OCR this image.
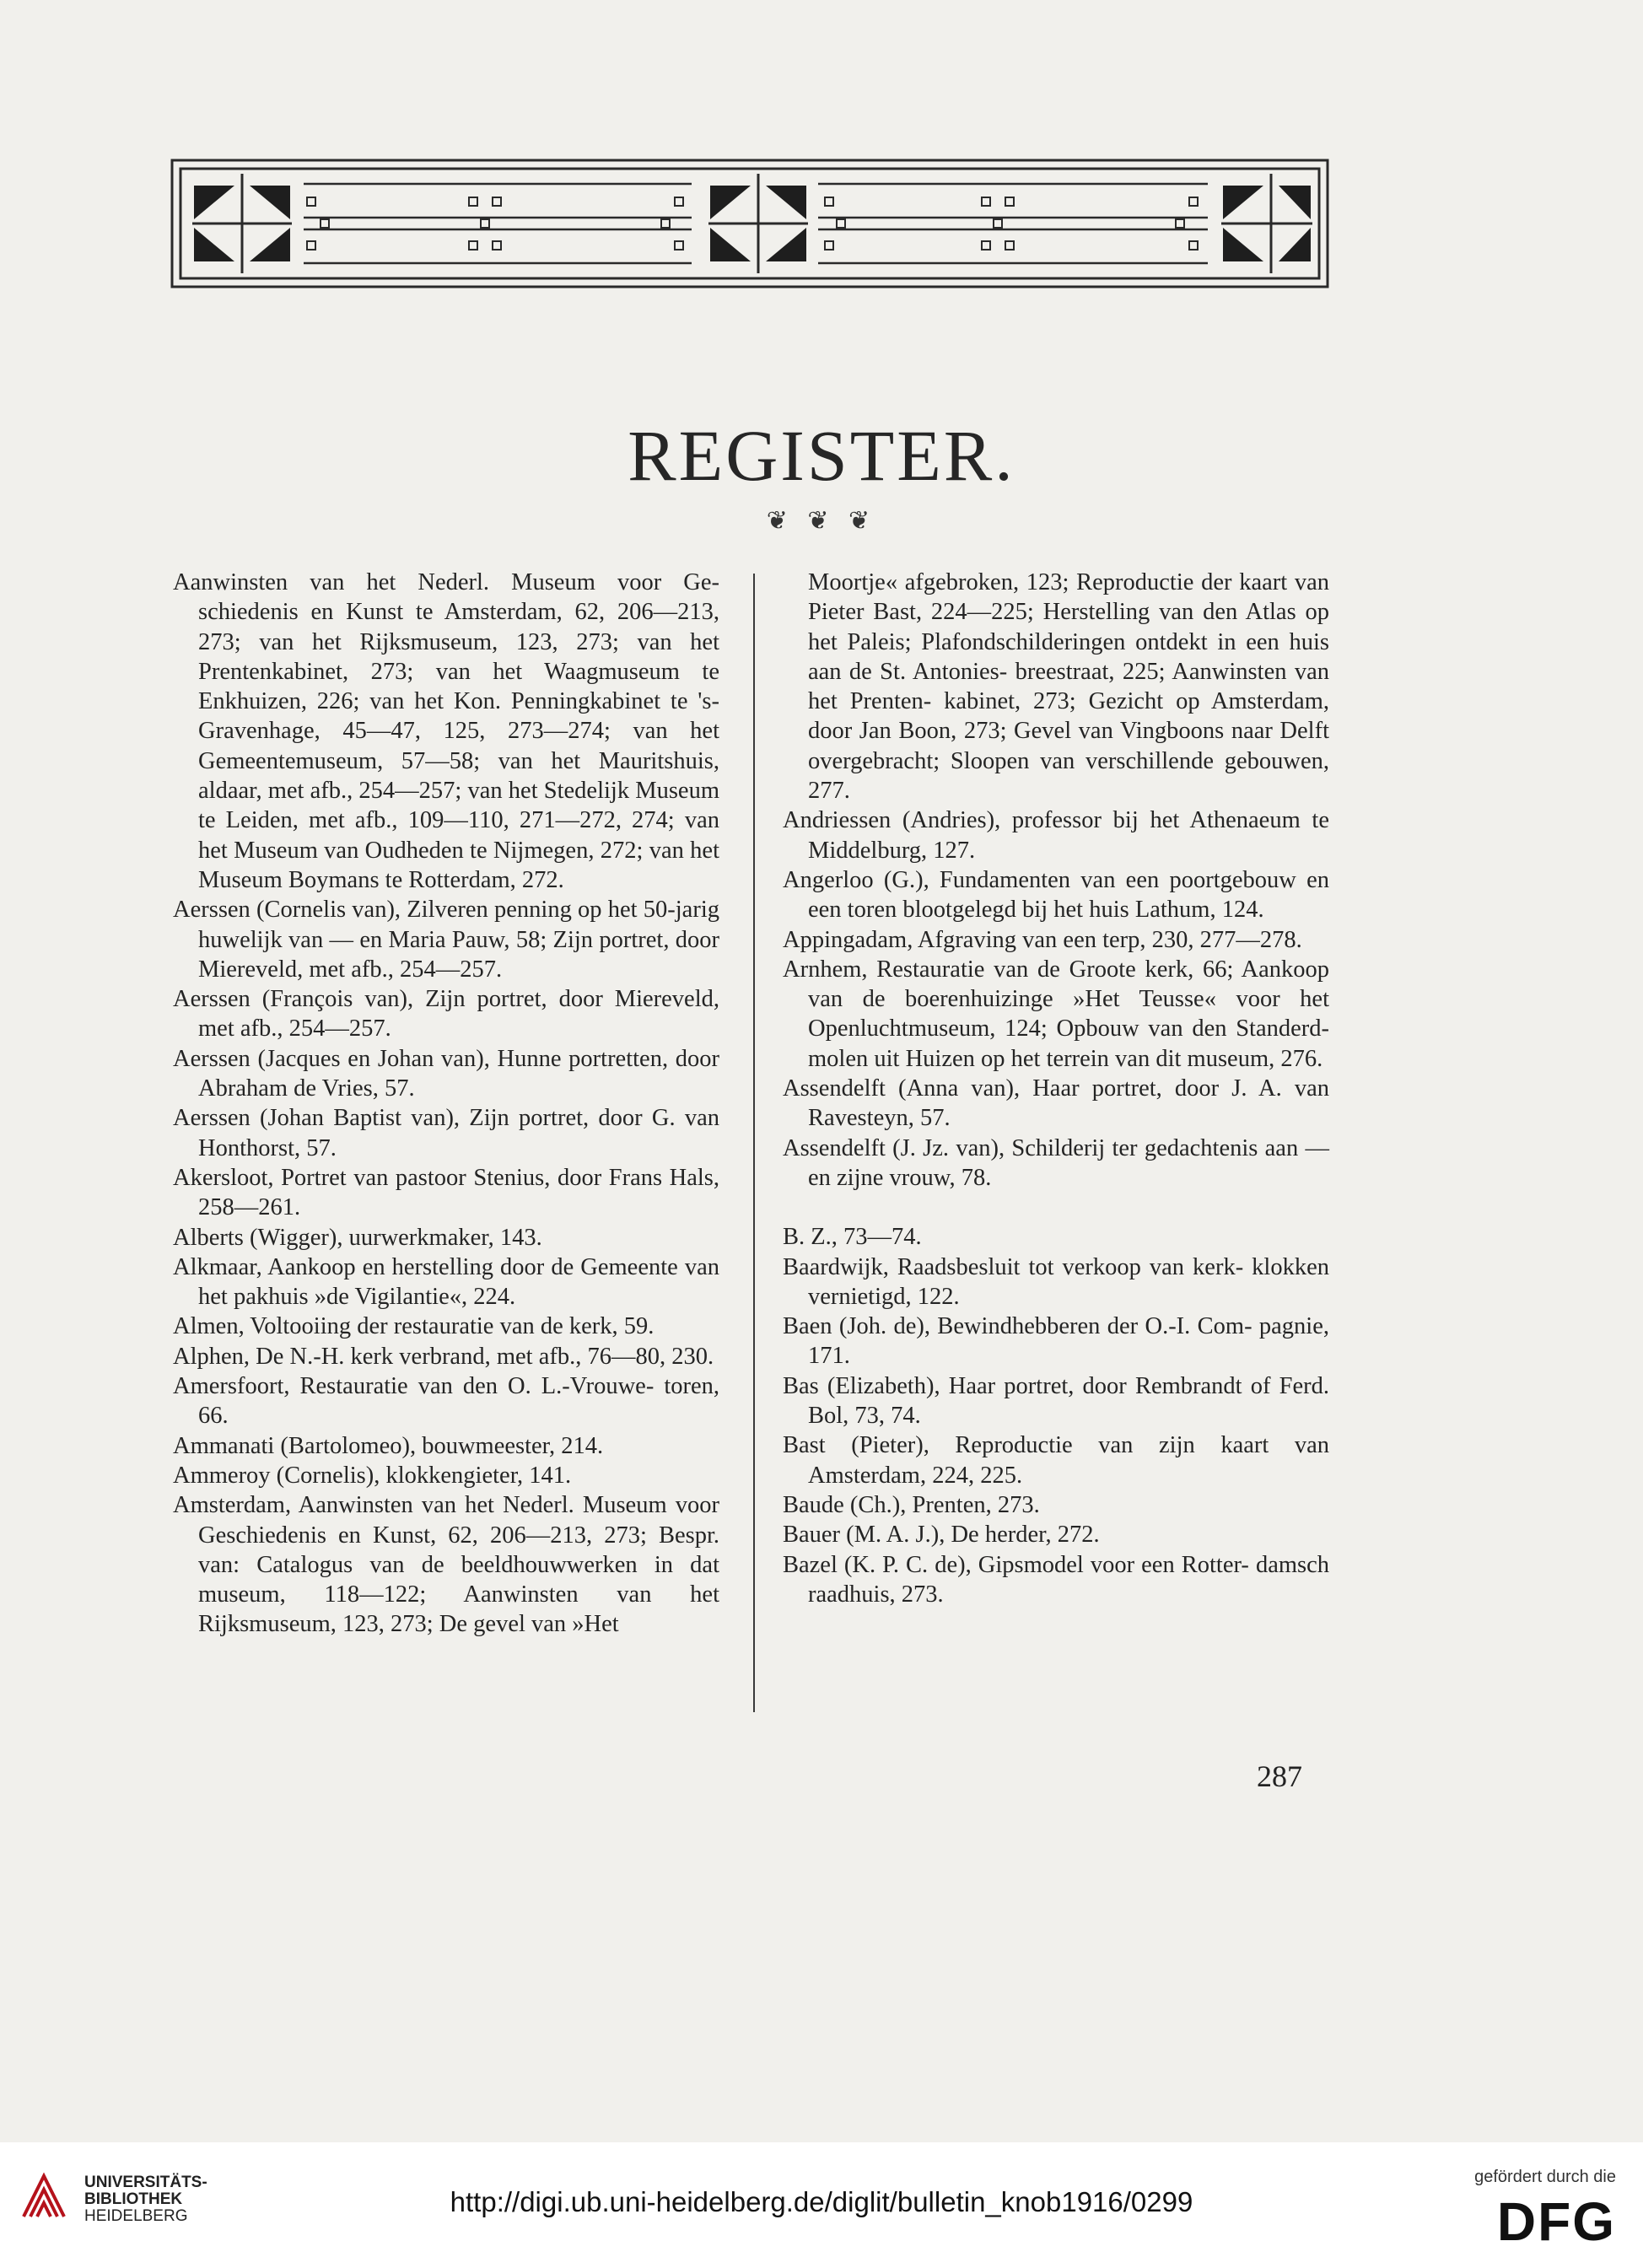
REGISTER.
❦ ❦ ❦

Aanwinsten van het Nederl. Museum voor Ge- schiedenis en Kunst te Amsterdam, 62, 206—213, 273; van het Rijksmuseum, 123, 273; van het Prentenkabinet, 273; van het Waagmuseum te Enkhuizen, 226; van het Kon. Penningkabinet te 's-Gravenhage, 45—47, 125, 273—274; van het Gemeentemuseum, 57—58; van het Mauritshuis, aldaar, met afb., 254—257; van het Stedelijk Museum te Leiden, met afb., 109—110, 271—272, 274; van het Museum van Oudheden te Nijmegen, 272; van het Museum Boymans te Rotterdam, 272.

Aerssen (Cornelis van), Zilveren penning op het 50-jarig huwelijk van — en Maria Pauw, 58; Zijn portret, door Miereveld, met afb., 254—257.

Aerssen (François van), Zijn portret, door Miereveld, met afb., 254—257.

Aerssen (Jacques en Johan van), Hunne portretten, door Abraham de Vries, 57.

Aerssen (Johan Baptist van), Zijn portret, door G. van Honthorst, 57.

Akersloot, Portret van pastoor Stenius, door Frans Hals, 258—261.

Alberts (Wigger), uurwerkmaker, 143.

Alkmaar, Aankoop en herstelling door de Gemeente van het pakhuis »de Vigilantie«, 224.

Almen, Voltooiing der restauratie van de kerk, 59.

Alphen, De N.-H. kerk verbrand, met afb., 76—80, 230.

Amersfoort, Restauratie van den O. L.-Vrouwe- toren, 66.

Ammanati (Bartolomeo), bouwmeester, 214.

Ammeroy (Cornelis), klokkengieter, 141.

Amsterdam, Aanwinsten van het Nederl. Museum voor Geschiedenis en Kunst, 62, 206—213, 273; Bespr. van: Catalogus van de beeldhouwwerken in dat museum, 118—122; Aanwinsten van het Rijksmuseum, 123, 273; De gevel van »Het

Moortje« afgebroken, 123; Reproductie der kaart van Pieter Bast, 224—225; Herstelling van den Atlas op het Paleis; Plafondschilderingen ontdekt in een huis aan de St. Antonies- breestraat, 225; Aanwinsten van het Prenten- kabinet, 273; Gezicht op Amsterdam, door Jan Boon, 273; Gevel van Vingboons naar Delft overgebracht; Sloopen van verschillende gebouwen, 277.

Andriessen (Andries), professor bij het Athenaeum te Middelburg, 127.

Angerloo (G.), Fundamenten van een poortgebouw en een toren blootgelegd bij het huis Lathum, 124.

Appingadam, Afgraving van een terp, 230, 277—278.

Arnhem, Restauratie van de Groote kerk, 66; Aankoop van de boerenhuizinge »Het Teusse« voor het Openluchtmuseum, 124; Opbouw van den Standerd-molen uit Huizen op het terrein van dit museum, 276.

Assendelft (Anna van), Haar portret, door J. A. van Ravesteyn, 57.

Assendelft (J. Jz. van), Schilderij ter gedachtenis aan — en zijne vrouw, 78.

B. Z., 73—74.

Baardwijk, Raadsbesluit tot verkoop van kerk- klokken vernietigd, 122.

Baen (Joh. de), Bewindhebberen der O.-I. Com- pagnie, 171.

Bas (Elizabeth), Haar portret, door Rembrandt of Ferd. Bol, 73, 74.

Bast (Pieter), Reproductie van zijn kaart van Amsterdam, 224, 225.

Baude (Ch.), Prenten, 273.

Bauer (M. A. J.), De herder, 272.

Bazel (K. P. C. de), Gipsmodel voor een Rotter- damsch raadhuis, 273.

287
UNIVERSITÄTS-
BIBLIOTHEK
HEIDELBERG	http://digi.ub.uni-heidelberg.de/diglit/bulletin_knob1916/0299
gefördert durch die
DFG
